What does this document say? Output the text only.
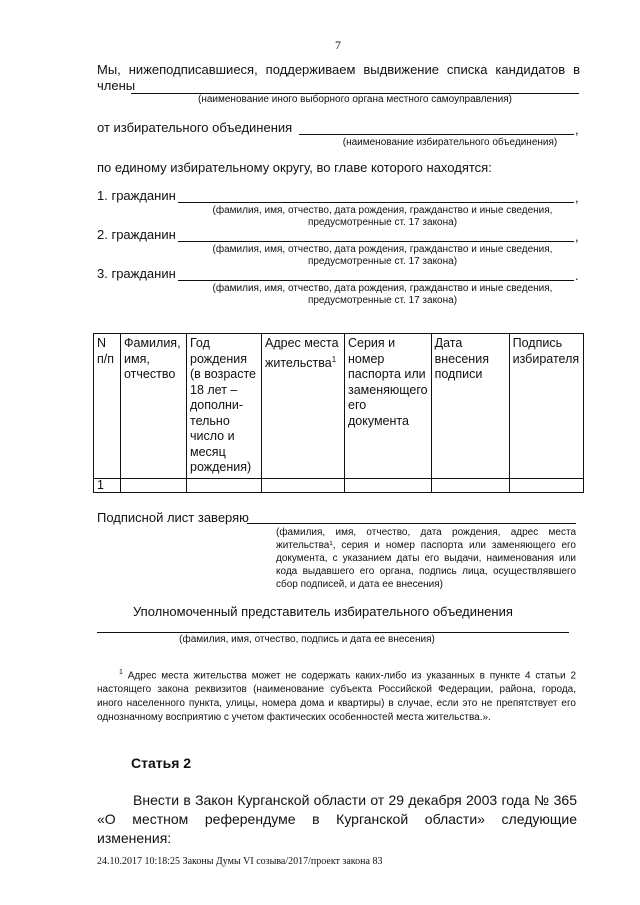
7
Мы, нижеподписавшиеся, поддерживаем выдвижение списка кандидатов в
члены
(наименование иного выборного органа местного самоуправления)
от избирательного объединения	,
(наименование избирательного объединения)
по единому избирательному округу, во главе которого находятся:
1. гражданин	,
(фамилия, имя, отчество, дата рождения, гражданство и иные сведения,
предусмотренные ст. 17 закона)
2. гражданин	,
(фамилия, имя, отчество, дата рождения, гражданство и иные сведения,
предусмотренные ст. 17 закона)
3. гражданин	.
(фамилия, имя, отчество, дата рождения, гражданство и иные сведения,
предусмотренные ст. 17 закона)
N п/п	Фамилия, имя, отчество	Год рождения (в возрасте 18 лет – дополни-тельно число и месяц рождения)	Адрес места жительства$^1$	Серия и номер паспорта или заменяющего его документа	Дата внесения подписи	Подпись избирателя
1						
Подписной лист заверяю
(фамилия, имя, отчество, дата рождения, адрес места жительства¹, серия и номер паспорта или заменяющего его документа, с указанием даты его выдачи, наименования или кода выдавшего его органа, подпись лица, осуществлявшего сбор подписей, и дата ее внесения)
Уполномоченный представитель избирательного объединения
(фамилия, имя, отчество, подпись и дата ее внесения)
$^1$ Адрес места жительства может не содержать каких-либо из указанных в пункте 4 статьи 2 настоящего закона реквизитов (наименование субъекта Российской Федерации, района, города, иного населенного пункта, улицы, номера дома и квартиры) в случае, если это не препятствует его однозначному восприятию с учетом фактических особенностей места жительства.».
Статья 2
Внести в Закон Курганской области от 29 декабря 2003 года № 365 «О местном референдуме в Курганской области» следующие изменения:
24.10.2017 10:18:25 Законы Думы VI созыва/2017/проект закона 83
